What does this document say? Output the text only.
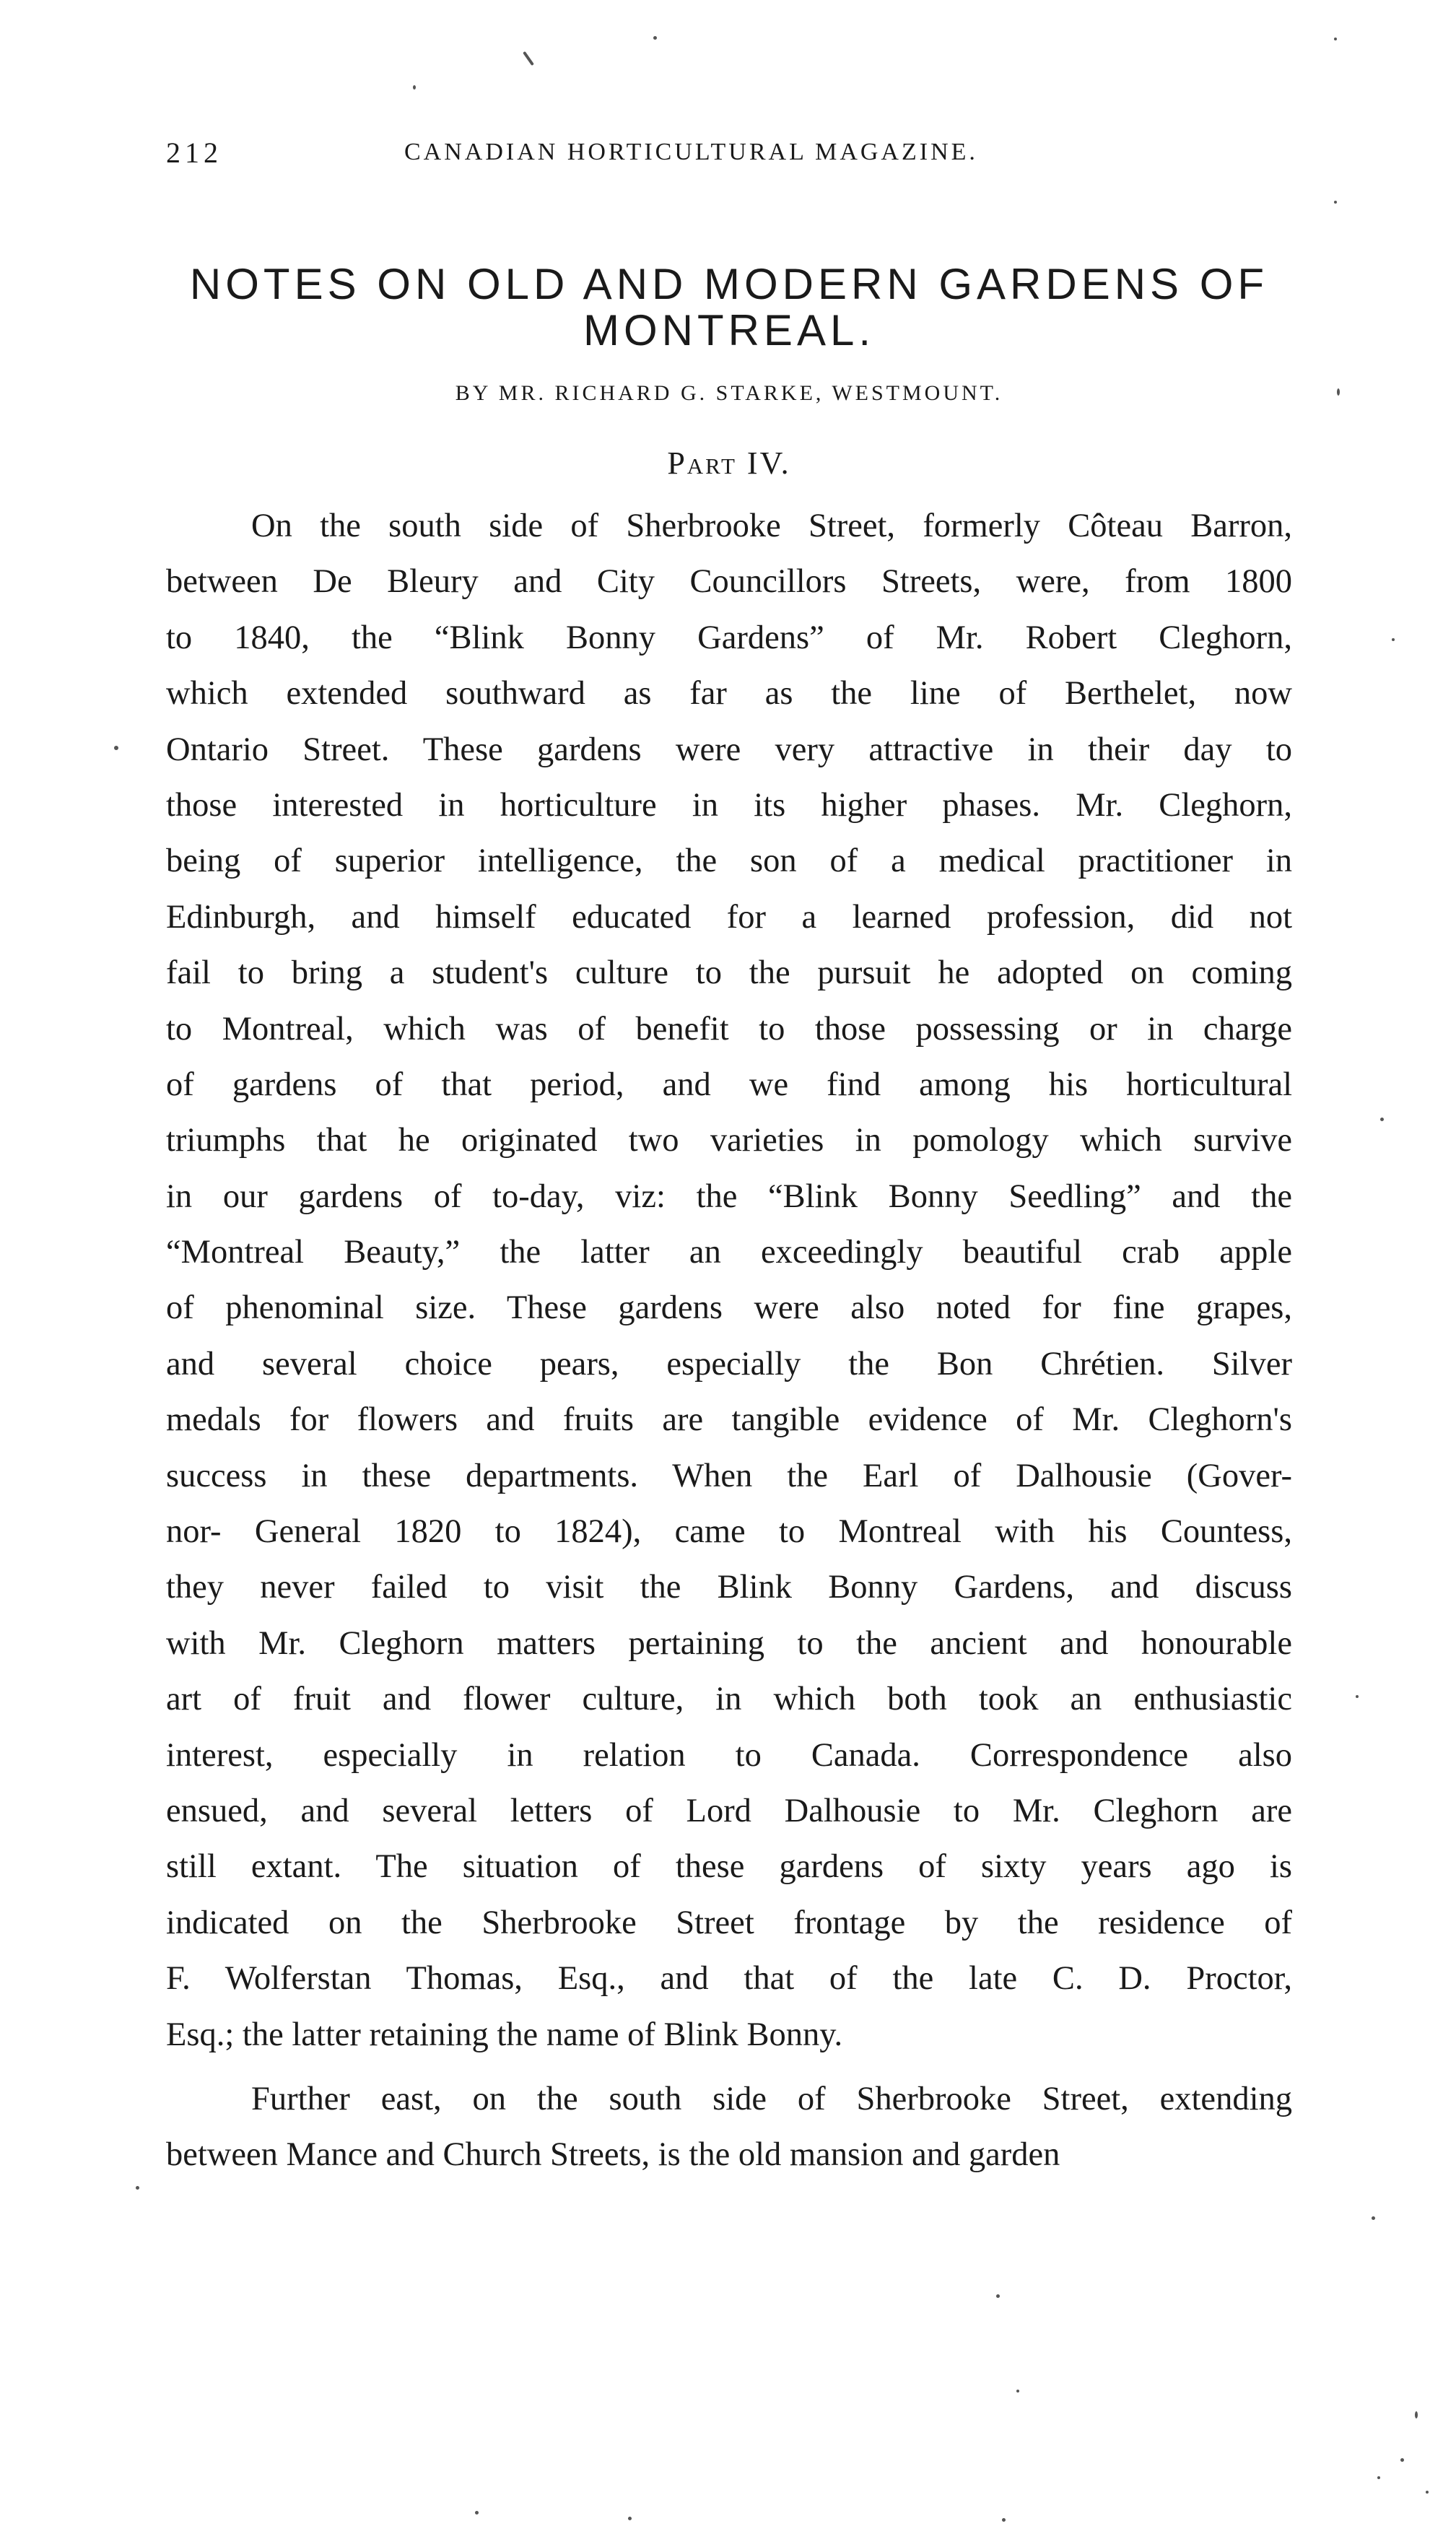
212	CANADIAN HORTICULTURAL MAGAZINE.
NOTES ON OLD AND MODERN GARDENS OF MONTREAL.
BY MR. RICHARD G. STARKE, WESTMOUNT.
Part IV.

On the south side of Sherbrooke Street, formerly Côteau Barron,
between De Bleury and City Councillors Streets, were, from 1800
to 1840, the “Blink Bonny Gardens” of Mr. Robert Cleghorn,
which extended southward as far as the line of Berthelet, now
Ontario Street. These gardens were very attractive in their day to
those interested in horticulture in its higher phases. Mr. Cleghorn,
being of superior intelligence, the son of a medical practitioner in
Edinburgh, and himself educated for a learned profession, did not
fail to bring a student's culture to the pursuit he adopted on coming
to Montreal, which was of benefit to those possessing or in charge
of gardens of that period, and we find among his horticultural
triumphs that he originated two varieties in pomology which survive
in our gardens of to-day, viz: the “Blink Bonny Seedling” and the
“Montreal Beauty,” the latter an exceedingly beautiful crab apple
of phenominal size. These gardens were also noted for fine grapes,
and several choice pears, especially the Bon Chrétien. Silver
medals for flowers and fruits are tangible evidence of Mr. Cleghorn's
success in these departments. When the Earl of Dalhousie (Gover-
nor- General 1820 to 1824), came to Montreal with his Countess,
they never failed to visit the Blink Bonny Gardens, and discuss
with Mr. Cleghorn matters pertaining to the ancient and honourable
art of fruit and flower culture, in which both took an enthusiastic
interest, especially in relation to Canada. Correspondence also
ensued, and several letters of Lord Dalhousie to Mr. Cleghorn are
still extant. The situation of these gardens of sixty years ago is
indicated on the Sherbrooke Street frontage by the residence of
F. Wolferstan Thomas, Esq., and that of the late C. D. Proctor,
Esq.; the latter retaining the name of Blink Bonny.

Further east, on the south side of Sherbrooke Street, extending
between Mance and Church Streets, is the old mansion and garden
